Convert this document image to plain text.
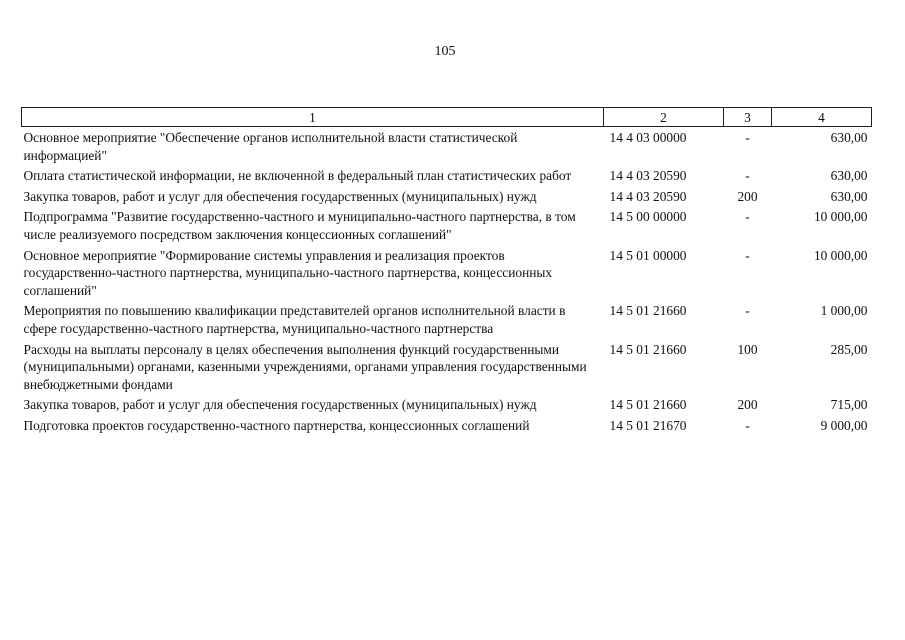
105
1	2	3	4
Основное мероприятие "Обеспечение органов исполнительной власти статистической информацией"	14 4 03 00000	-	630,00
Оплата статистической информации, не включенной в федеральный план статистических работ	14 4 03 20590	-	630,00
Закупка товаров, работ и услуг для обеспечения государственных (муниципальных) нужд	14 4 03 20590	200	630,00
Подпрограмма "Развитие государственно-частного и муниципально-частного партнерства, в том числе реализуемого посредством заключения концессионных соглашений"	14 5 00 00000	-	10 000,00
Основное мероприятие "Формирование системы управления и реализация проектов государственно-частного партнерства, муниципально-частного партнерства, концессионных соглашений"	14 5 01 00000	-	10 000,00
Мероприятия по повышению квалификации представителей органов исполнительной власти в сфере государственно-частного партнерства, муниципально-частного партнерства	14 5 01 21660	-	1 000,00
Расходы на выплаты персоналу в целях обеспечения выполнения функций государственными (муниципальными) органами, казенными учреждениями, органами управления государственными внебюджетными фондами	14 5 01 21660	100	285,00
Закупка товаров, работ и услуг для обеспечения государственных (муниципальных) нужд	14 5 01 21660	200	715,00
Подготовка проектов государственно-частного партнерства, концессионных соглашений	14 5 01 21670	-	9 000,00
